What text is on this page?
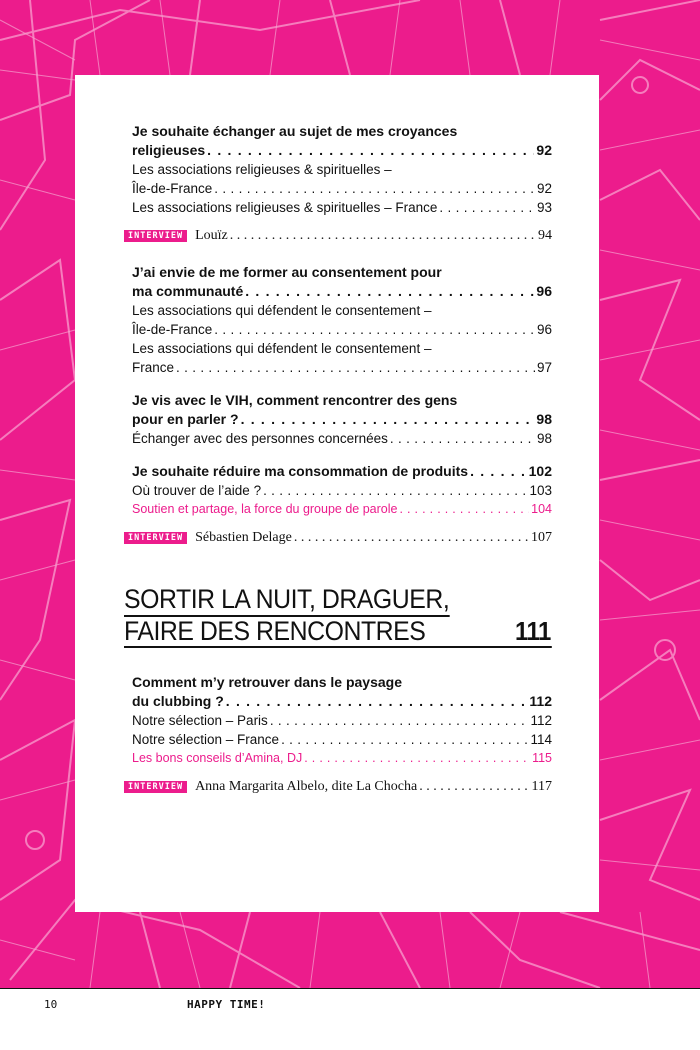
Je souhaite échanger au sujet de mes croyances
religieuses . . .	92
Les associations religieuses & spirituelles –
Île-de-France . . .	92
Les associations religieuses & spirituelles – France . . .	93
INTERVIEW Louïz . . .	94
J’ai envie de me former au consentement pour
ma communauté . . .	96
Les associations qui défendent le consentement –
Île-de-France . . .	96
Les associations qui défendent le consentement –
France . . .	97
Je vis avec le VIH, comment rencontrer des gens
pour en parler ? . . .	98
Échanger avec des personnes concernées . . .	98
Je souhaite réduire ma consommation de produits . . .	102
Où trouver de l’aide ? . . .	103
Soutien et partage, la force du groupe de parole . . .	104
INTERVIEW Sébastien Delage . . .	107
SORTIR LA NUIT, DRAGUER,
FAIRE DES RENCONTRES	111
Comment m’y retrouver dans le paysage
du clubbing ? . . .	112
Notre sélection – Paris . . .	112
Notre sélection – France . . .	114
Les bons conseils d’Amina, DJ . . .	115
INTERVIEW Anna Margarita Albelo, dite La Chocha . . .	117
10	HAPPY TIME!
